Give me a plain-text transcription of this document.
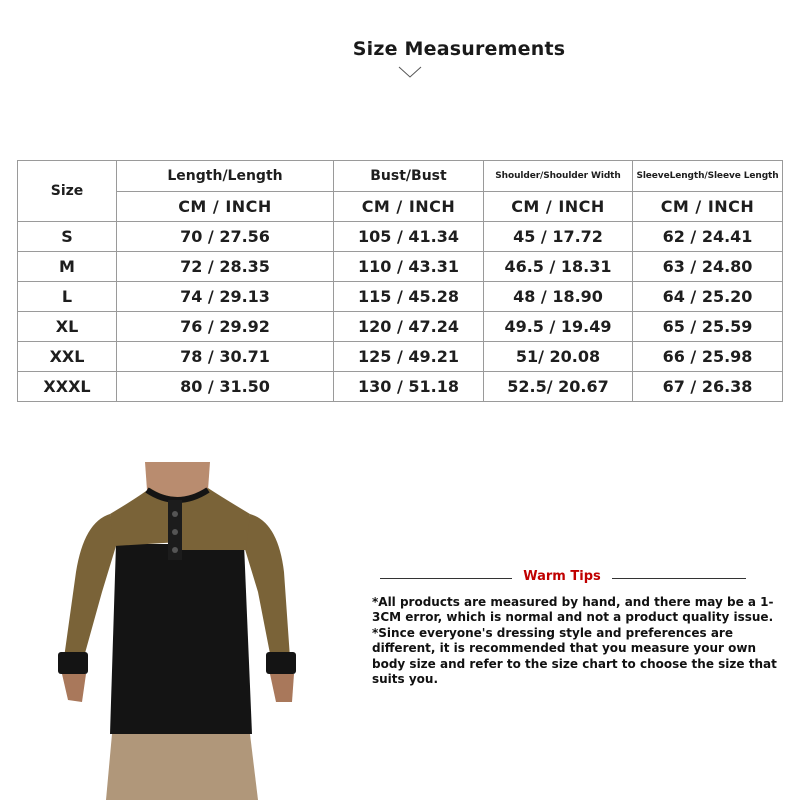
Size Measurements
Size	Length/Length	Bust/Bust	Shoulder/Shoulder Width	SleeveLength/Sleeve Length
	CM / INCH	CM / INCH	CM / INCH	CM / INCH
S	70 / 27.56	105 / 41.34	45 / 17.72	62 / 24.41
M	72 / 28.35	110 / 43.31	46.5 / 18.31	63 / 24.80
L	74 / 29.13	115 / 45.28	48 / 18.90	64 / 25.20
XL	76 / 29.92	120 / 47.24	49.5 / 19.49	65 / 25.59
XXL	78 / 30.71	125 / 49.21	51/ 20.08	66 / 25.98
XXXL	80 / 31.50	130 / 51.18	52.5/ 20.67	67 / 26.38
Warm Tips
*All products are measured by hand, and there may be a 1-3CM error, which is normal and not a product quality issue. *Since everyone's dressing style and preferences are different, it is recommended that you measure your own body size and refer to the size chart to choose the size that suits you.
